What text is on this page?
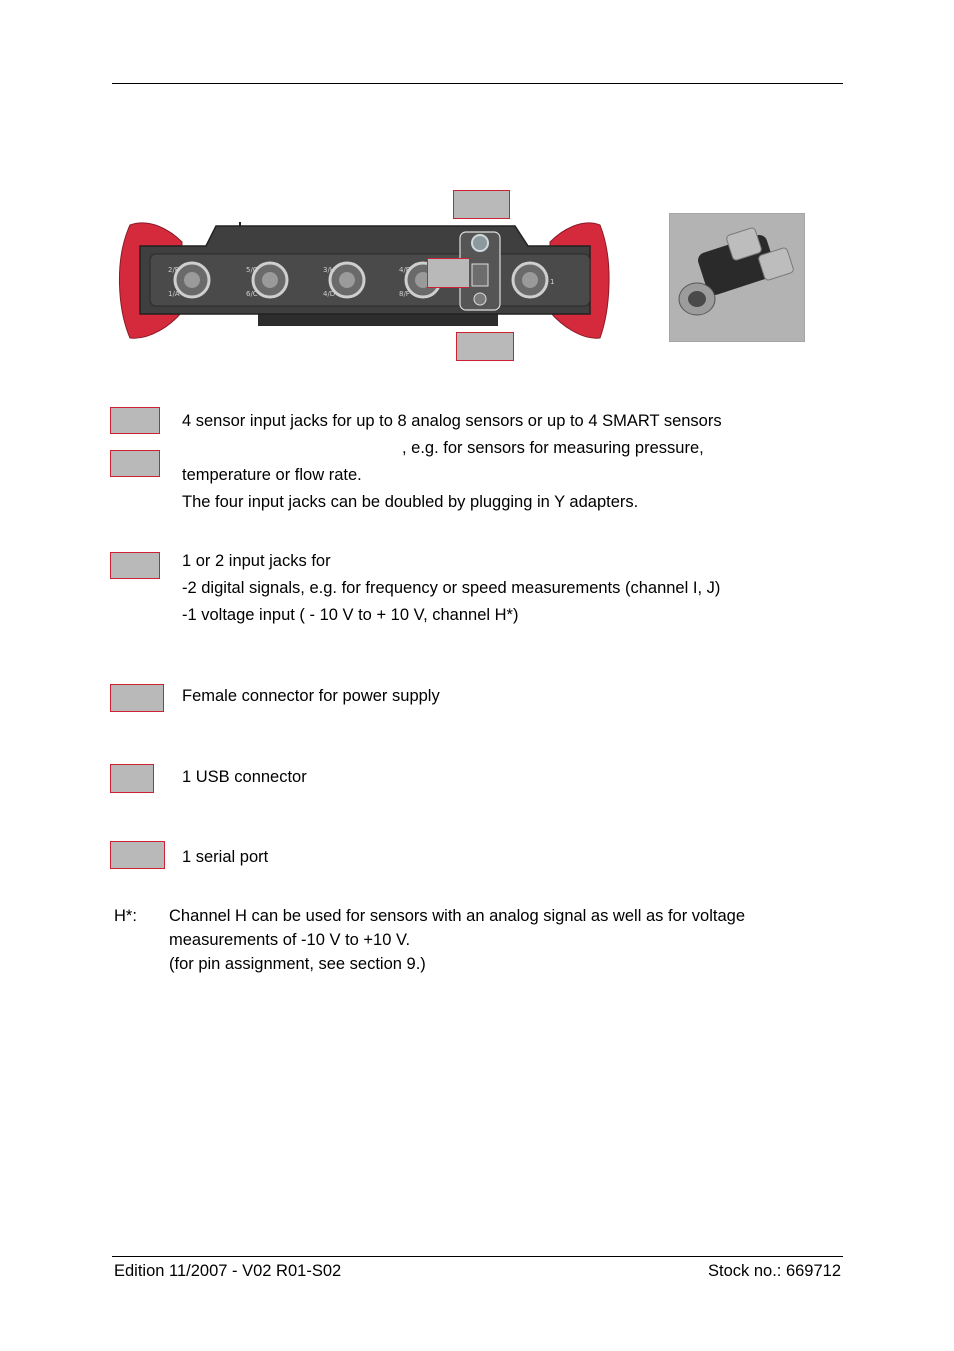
2/B	5/G	3/H	4/E
1
1/A	6/C	4/D	8/F
4 sensor input jacks for up to 8 analog sensors or up to 4 SMART sensors
, e.g. for sensors for measuring pressure,
temperature or flow rate.
The four input jacks can be doubled by plugging in Y adapters.
1 or 2 input jacks for
-2 digital signals, e.g. for frequency or speed measurements (channel I, J)
-1 voltage input ( - 10 V to + 10 V, channel H*)
Female connector for power supply
1 USB connector
1 serial port
H*: Channel H can be used for sensors with an analog signal as well as for voltage
measurements of -10 V to +10 V.
(for pin assignment, see section 9.)
Edition 11/2007 - V02 R01-S02	Stock no.: 669712
